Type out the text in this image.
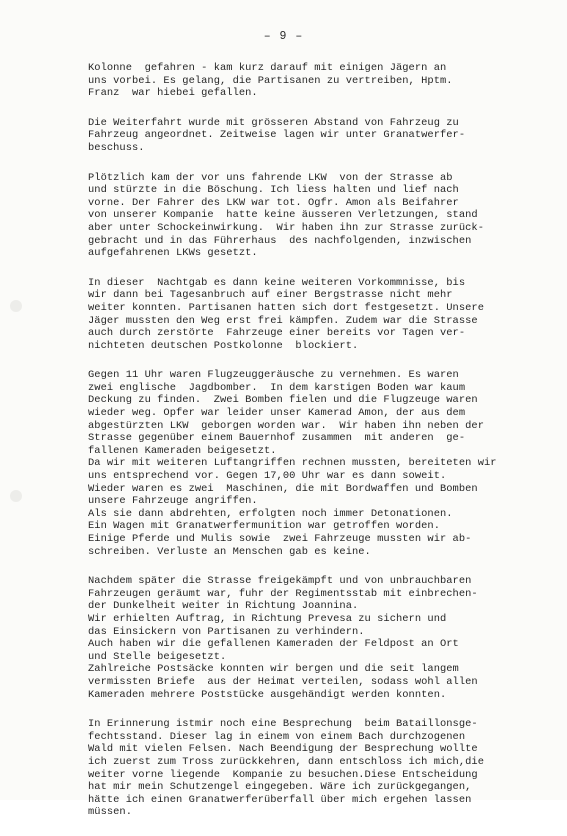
– 9 –
Kolonne  gefahren - kam kurz darauf mit einigen Jägern an
uns vorbei. Es gelang, die Partisanen zu vertreiben, Hptm.
Franz  war hiebei gefallen.
Die Weiterfahrt wurde mit grösseren Abstand von Fahrzeug zu
Fahrzeug angeordnet. Zeitweise lagen wir unter Granatwerfer-
beschuss.
Plötzlich kam der vor uns fahrende LKW  von der Strasse ab
und stürzte in die Böschung. Ich liess halten und lief nach
vorne. Der Fahrer des LKW war tot. Ogfr. Amon als Beifahrer
von unserer Kompanie  hatte keine äusseren Verletzungen, stand
aber unter Schockeinwirkung.  Wir haben ihn zur Strasse zurück-
gebracht und in das Führerhaus  des nachfolgenden, inzwischen
aufgefahrenen LKWs gesetzt.
In dieser  Nachtgab es dann keine weiteren Vorkommnisse, bis
wir dann bei Tagesanbruch auf einer Bergstrasse nicht mehr
weiter konnten. Partisanen hatten sich dort festgesetzt. Unsere
Jäger mussten den Weg erst frei kämpfen. Zudem war die Strasse
auch durch zerstörte  Fahrzeuge einer bereits vor Tagen ver-
nichteten deutschen Postkolonne  blockiert.
Gegen 11 Uhr waren Flugzeuggeräusche zu vernehmen. Es waren
zwei englische  Jagdbomber.  In dem karstigen Boden war kaum
Deckung zu finden.  Zwei Bomben fielen und die Flugzeuge waren
wieder weg. Opfer war leider unser Kamerad Amon, der aus dem
abgestürzten LKW  geborgen worden war.  Wir haben ihn neben der
Strasse gegenüber einem Bauernhof zusammen  mit anderen  ge-
fallenen Kameraden beigesetzt.
Da wir mit weiteren Luftangriffen rechnen mussten, bereiteten wir
uns entsprechend vor. Gegen 17,00 Uhr war es dann soweit.
Wieder waren es zwei  Maschinen, die mit Bordwaffen und Bomben
unsere Fahrzeuge angriffen.
Als sie dann abdrehten, erfolgten noch immer Detonationen.
Ein Wagen mit Granatwerfermunition war getroffen worden.
Einige Pferde und Mulis sowie  zwei Fahrzeuge mussten wir ab-
schreiben. Verluste an Menschen gab es keine.
Nachdem später die Strasse freigekämpft und von unbrauchbaren
Fahrzeugen geräumt war, fuhr der Regimentsstab mit einbrechen-
der Dunkelheit weiter in Richtung Joannina.
Wir erhielten Auftrag, in Richtung Prevesa zu sichern und
das Einsickern von Partisanen zu verhindern.
Auch haben wir die gefallenen Kameraden der Feldpost an Ort
und Stelle beigesetzt.
Zahlreiche Postsäcke konnten wir bergen und die seit langem
vermissten Briefe  aus der Heimat verteilen, sodass wohl allen
Kameraden mehrere Poststücke ausgehändigt werden konnten.
In Erinnerung istmir noch eine Besprechung  beim Bataillonsge-
fechtsstand. Dieser lag in einem von einem Bach durchzogenen
Wald mit vielen Felsen. Nach Beendigung der Besprechung wollte
ich zuerst zum Tross zurückkehren, dann entschloss ich mich,die
weiter vorne liegende  Kompanie zu besuchen.Diese Entscheidung
hat mir mein Schutzengel eingegeben. Wäre ich zurückgegangen,
hätte ich einen Granatwerferüberfall über mich ergehen lassen
müssen.
